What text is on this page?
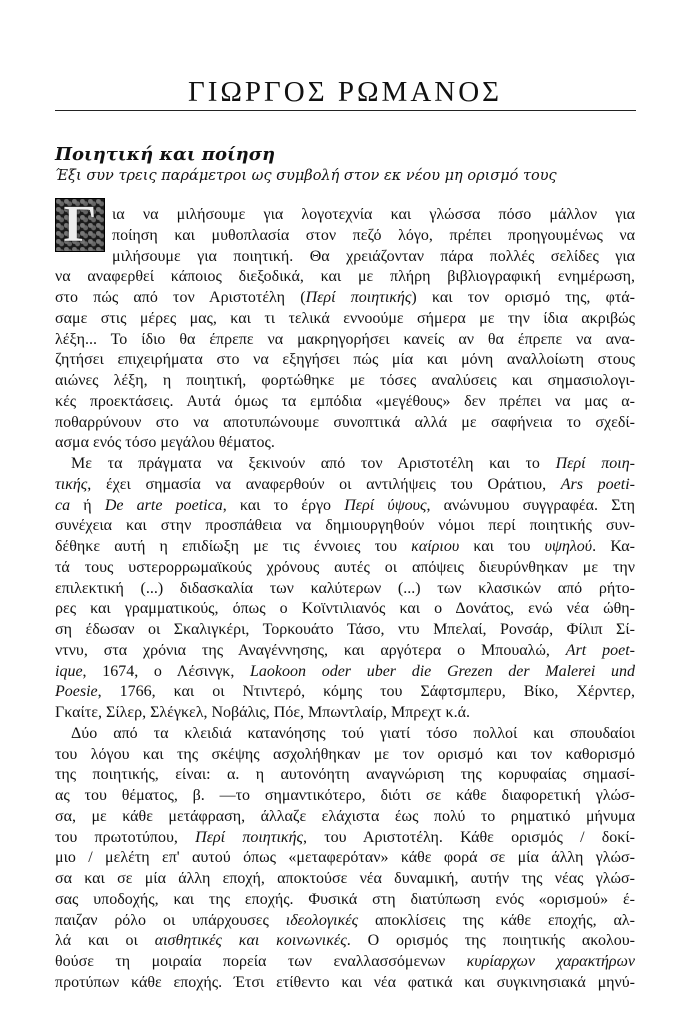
ΓΙΩΡΓΟΣ ΡΩΜΑΝΟΣ
Ποιητική και ποίηση
Έξι συν τρεις παράμετροι ως συμβολή στον εκ νέου μη ορισμό τους
Γ ια να μιλήσουμε για λογοτεχνία και γλώσσα πόσο μάλλον για
ποίηση και μυθοπλασία στον πεζό λόγο, πρέπει προηγουμένως να
μιλήσουμε για ποιητική. Θα χρειάζονταν πάρα πολλές σελίδες για
να αναφερθεί κάποιος διεξοδικά, και με πλήρη βιβλιογραφική ενημέρωση,
στο πώς από τον Αριστοτέλη (Περί ποιητικής) και τον ορισμό της, φτά-
σαμε στις μέρες μας, και τι τελικά εννοούμε σήμερα με την ίδια ακριβώς
λέξη... Το ίδιο θα έπρεπε να μακρηγορήσει κανείς αν θα έπρεπε να ανα-
ζητήσει επιχειρήματα στο να εξηγήσει πώς μία και μόνη αναλλοίωτη στους
αιώνες λέξη, η ποιητική, φορτώθηκε με τόσες αναλύσεις και σημασιολογι-
κές προεκτάσεις. Αυτά όμως τα εμπόδια «μεγέθους» δεν πρέπει να μας α-
ποθαρρύνουν στο να αποτυπώνουμε συνοπτικά αλλά με σαφήνεια το σχεδί-
ασμα ενός τόσο μεγάλου θέματος.
Με τα πράγματα να ξεκινούν από τον Αριστοτέλη και το Περί ποιη-
τικής, έχει σημασία να αναφερθούν οι αντιλήψεις του Οράτιου, Ars poeti-
ca ή De arte poetica, και το έργο Περί ύψους, ανώνυμου συγγραφέα. Στη
συνέχεια και στην προσπάθεια να δημιουργηθούν νόμοι περί ποιητικής συν-
δέθηκε αυτή η επιδίωξη με τις έννοιες του καίριου και του υψηλού. Κα-
τά τους υστερορρωμαϊκούς χρόνους αυτές οι απόψεις διευρύνθηκαν με την
επιλεκτική (...) διδασκαλία των καλύτερων (...) των κλασικών από ρήτο-
ρες και γραμματικούς, όπως ο Κοϊντιλιανός και ο Δονάτος, ενώ νέα ώθη-
ση έδωσαν οι Σκαλιγκέρι, Τορκουάτο Τάσο, ντυ Μπελαί, Ρονσάρ, Φίλιπ Σί-
ντνυ, στα χρόνια της Αναγέννησης, και αργότερα ο Μπουαλώ, Art poet-
ique, 1674, ο Λέσινγκ, Laokoon oder uber die Grezen der Malerei und
Poesie, 1766, και οι Ντιντερό, κόμης του Σάφτσμπερυ, Βίκο, Χέρντερ,
Γκαίτε, Σίλερ, Σλέγκελ, Νοβάλις, Πόε, Μπωντλαίρ, Μπρεχτ κ.ά.
Δύο από τα κλειδιά κατανόησης τού γιατί τόσο πολλοί και σπουδαίοι
του λόγου και της σκέψης ασχολήθηκαν με τον ορισμό και τον καθορισμό
της ποιητικής, είναι: α. η αυτονόητη αναγνώριση της κορυφαίας σημασί-
ας του θέματος, β. —το σημαντικότερο, διότι σε κάθε διαφορετική γλώσ-
σα, με κάθε μετάφραση, άλλαζε ελάχιστα έως πολύ το ρηματικό μήνυμα
του πρωτοτύπου, Περί ποιητικής, του Αριστοτέλη. Κάθε ορισμός / δοκί-
μιο / μελέτη επ' αυτού όπως «μεταφερόταν» κάθε φορά σε μία άλλη γλώσ-
σα και σε μία άλλη εποχή, αποκτούσε νέα δυναμική, αυτήν της νέας γλώσ-
σας υποδοχής, και της εποχής. Φυσικά στη διατύπωση ενός «ορισμού» έ-
παιζαν ρόλο οι υπάρχουσες ιδεολογικές αποκλίσεις της κάθε εποχής, αλ-
λά και οι αισθητικές και κοινωνικές. Ο ορισμός της ποιητικής ακολου-
θούσε τη μοιραία πορεία των εναλλασσόμενων κυρίαρχων χαρακτήρων
προτύπων κάθε εποχής. Έτσι ετίθεντο και νέα φατικά και συγκινησιακά μηνύ-
